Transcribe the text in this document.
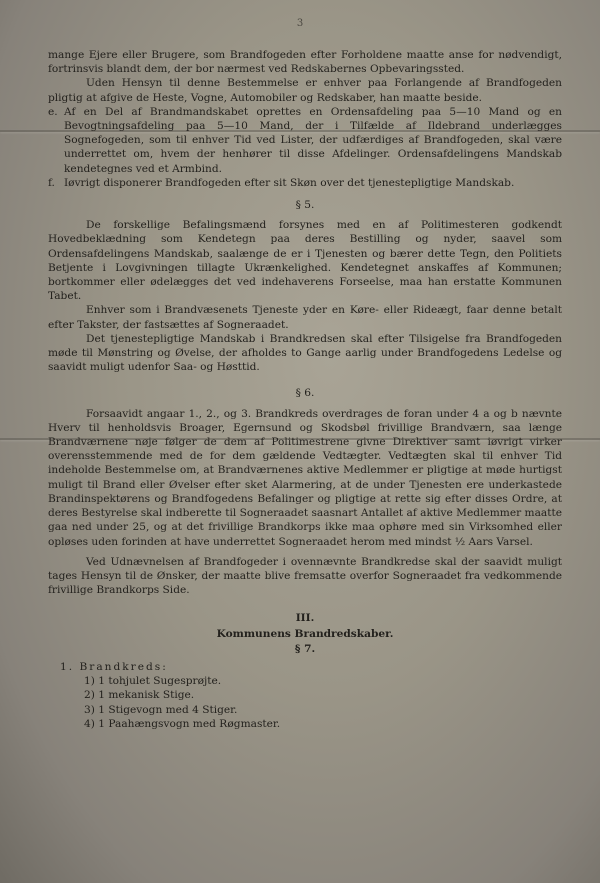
3

mange Ejere eller Brugere, som Brandfogeden efter Forholdene maatte anse for nødvendigt, fortrinsvis blandt dem, der bor nærmest ved Redskabernes Opbevaringssted.

Uden Hensyn til denne Bestemmelse er enhver paa Forlangende af Brandfogeden pligtig at afgive de Heste, Vogne, Automobiler og Redskaber, han maatte beside.

e. Af en Del af Brandmandskabet oprettes en Ordensafdeling paa 5—10 Mand og en Bevogtningsafdeling paa 5—10 Mand, der i Tilfælde af Ildebrand underlægges Sognefogeden, som til enhver Tid ved Lister, der udfærdiges af Brandfogeden, skal være underrettet om, hvem der henhører til disse Afdelinger. Ordensafdelingens Mandskab kendetegnes ved et Armbind.
f. Iøvrigt disponerer Brandfogeden efter sit Skøn over det tjenestepligtige Mandskab.
§ 5.

De forskellige Befalingsmænd forsynes med en af Politimesteren godkendt Hovedbeklædning som Kendetegn paa deres Bestilling og nyder, saavel som Ordensafdelingens Mandskab, saalænge de er i Tjenesten og bærer dette Tegn, den Politiets Betjente i Lovgivningen tillagte Ukrænkelighed. Kendetegnet anskaffes af Kommunen; bortkommer eller ødelægges det ved indehaverens Forseelse, maa han erstatte Kommunen Tabet.

Enhver som i Brandvæsenets Tjeneste yder en Køre- eller Rideægt, faar denne betalt efter Takster, der fastsættes af Sogneraadet.

Det tjenestepligtige Mandskab i Brandkredsen skal efter Tilsigelse fra Brandfogeden møde til Mønstring og Øvelse, der afholdes to Gange aarlig under Brandfogedens Ledelse og saavidt muligt udenfor Saa- og Høsttid.

§ 6.

Forsaavidt angaar 1., 2., og 3. Brandkreds overdrages de foran under 4 a og b nævnte Hverv til henholdsvis Broager, Egernsund og Skodsbøl frivillige Brandværn, saa længe Brandværnene nøje følger de dem af Politimestrene givne Direktiver samt iøvrigt virker overensstemmende med de for dem gældende Vedtægter. Vedtægten skal til enhver Tid indeholde Bestemmelse om, at Brandværnenes aktive Medlemmer er pligtige at møde hurtigst muligt til Brand eller Øvelser efter sket Alarmering, at de under Tjenesten ere underkastede Brandinspektørens og Brandfogedens Befalinger og pligtige at rette sig efter disses Ordre, at deres Bestyrelse skal indberette til Sogneraadet saasnart Antallet af aktive Medlemmer maatte gaa ned under 25, og at det frivillige Brandkorps ikke maa ophøre med sin Virksomhed eller opløses uden forinden at have underrettet Sogneraadet herom med mindst ½ Aars Varsel.

Ved Udnævnelsen af Brandfogeder i ovennævnte Brandkredse skal der saavidt muligt tages Hensyn til de Ønsker, der maatte blive fremsatte overfor Sogneraadet fra vedkommende frivillige Brandkorps Side.

III.
Kommunens Brandredskaber.
§ 7.
1. Brandkreds:
1) 1 tohjulet Sugesprøjte.
2) 1 mekanisk Stige.
3) 1 Stigevogn med 4 Stiger.
4) 1 Paahængsvogn med Røgmaster.
